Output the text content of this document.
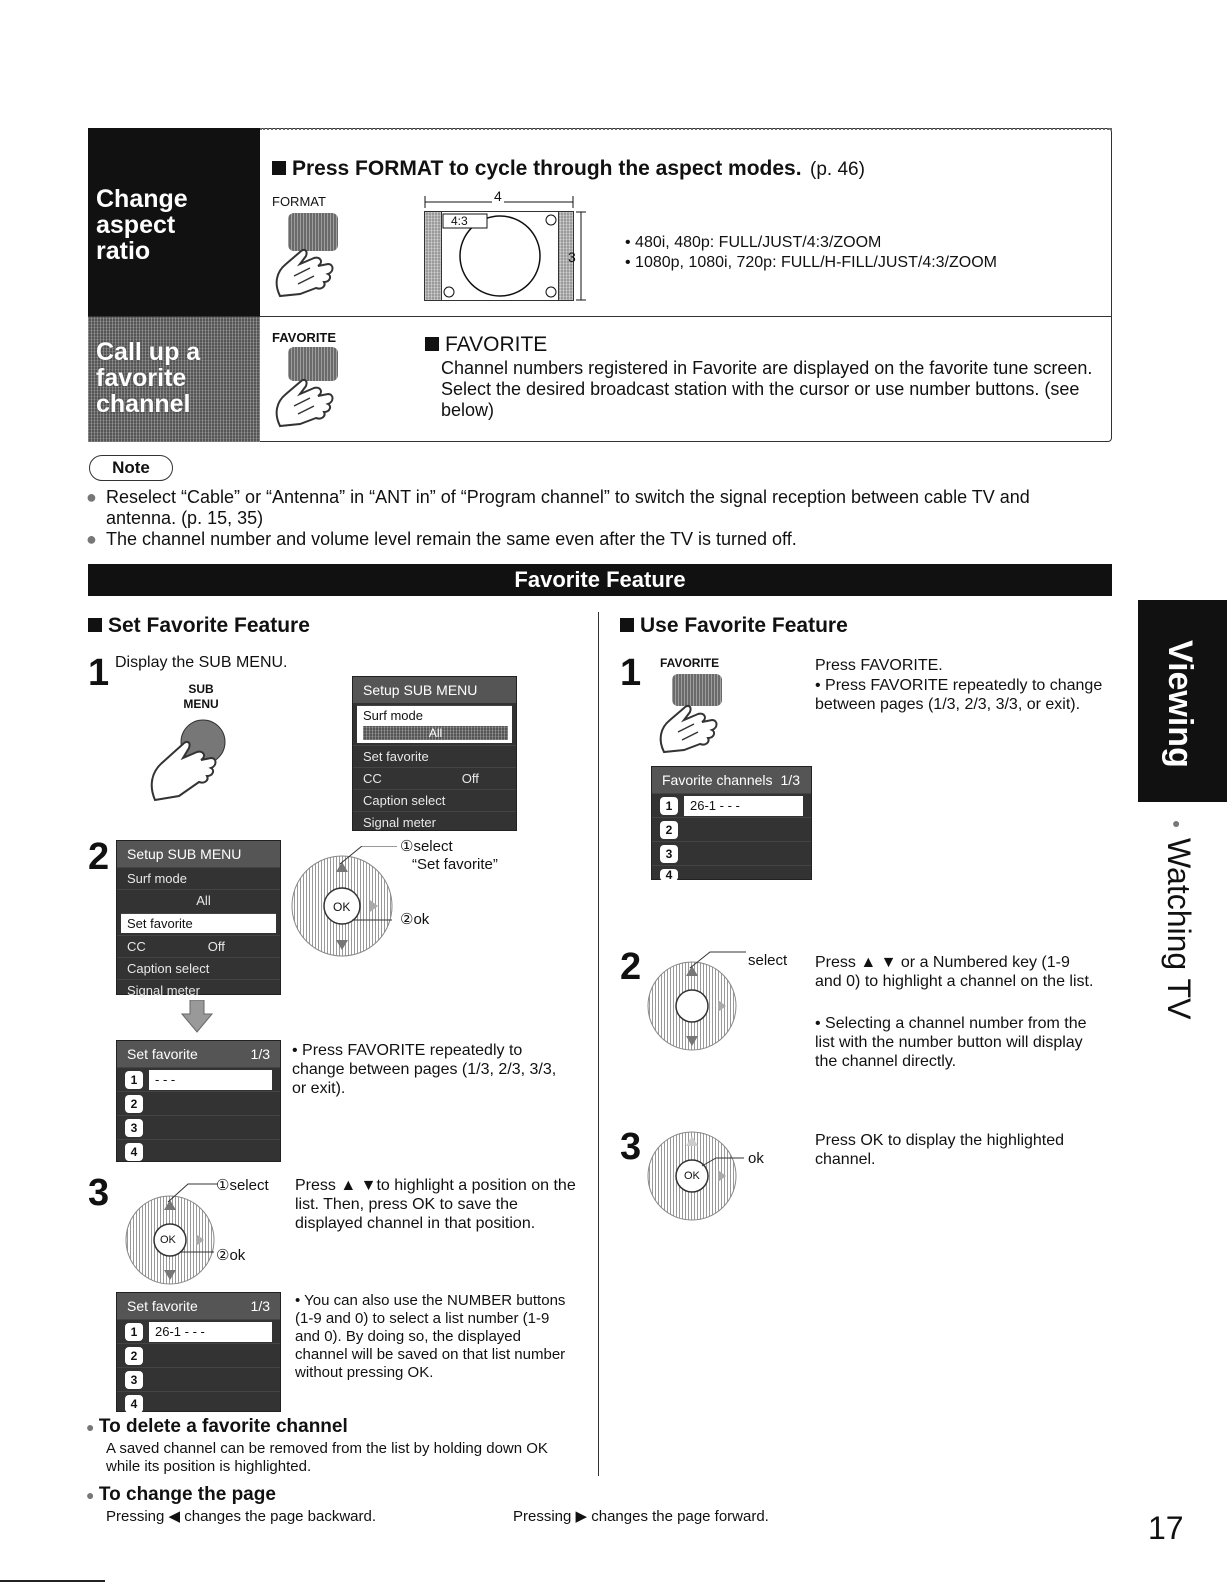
Change aspect ratio
Press FORMAT to cycle through the aspect modes. (p. 46)
FORMAT	4
4:3
3
• 480i, 480p: FULL/JUST/4:3/ZOOM
• 1080p, 1080i, 720p: FULL/H-FILL/JUST/4:3/ZOOM
Call up a favorite channel
FAVORITE	FAVORITE
Channel numbers registered in Favorite are displayed on the favorite tune screen. Select the desired broadcast station with the cursor or use number buttons. (see below)
Note
● Reselect “Cable” or “Antenna” in “ANT in” of “Program channel” to switch the signal reception between cable TV and antenna. (p. 15, 35)
● The channel number and volume level remain the same even after the TV is turned off.
Favorite Feature
Set Favorite Feature
1 Display the SUB MENU.
SUB MENU
Setup SUB MENU
Surf mode
All
Set favorite
CC	Off
Caption select
Signal meter
2	Setup SUB MENU
Surf mode
All
Set favorite
CC	Off
Caption select
Signal meter
OK
①select
“Set favorite”
②ok
Set favorite	1/3
1	- - -
2
3
4
• Press FAVORITE repeatedly to change between pages (1/3, 2/3, 3/3, or exit).
3
OK
①select
②ok
Press ▲ ▼to highlight a position on the list. Then, press OK to save the displayed channel in that position.
Set favorite	1/3
1	26-1 - - -
2
3
4
• You can also use the NUMBER buttons (1-9 and 0) to select a list number (1-9 and 0). By doing so, the displayed channel will be saved on that list number without pressing OK.
● To delete a favorite channel
A saved channel can be removed from the list by holding down OK while its position is highlighted.
● To change the page
Pressing ◀ changes the page backward.	Pressing ▶ changes the page forward.
Use Favorite Feature
1 FAVORITE	Press FAVORITE.
• Press FAVORITE repeatedly to change between pages (1/3, 2/3, 3/3, or exit).
Favorite channels 1/3
1	26-1 - - -
2
3
4
2	select Press ▲ ▼ or a Numbered key (1-9 and 0) to highlight a channel on the list.
• Selecting a channel number from the list with the number button will display the channel directly.
3
OK
ok
Press OK to display the highlighted channel.
Viewing
●
Watching TV
17
